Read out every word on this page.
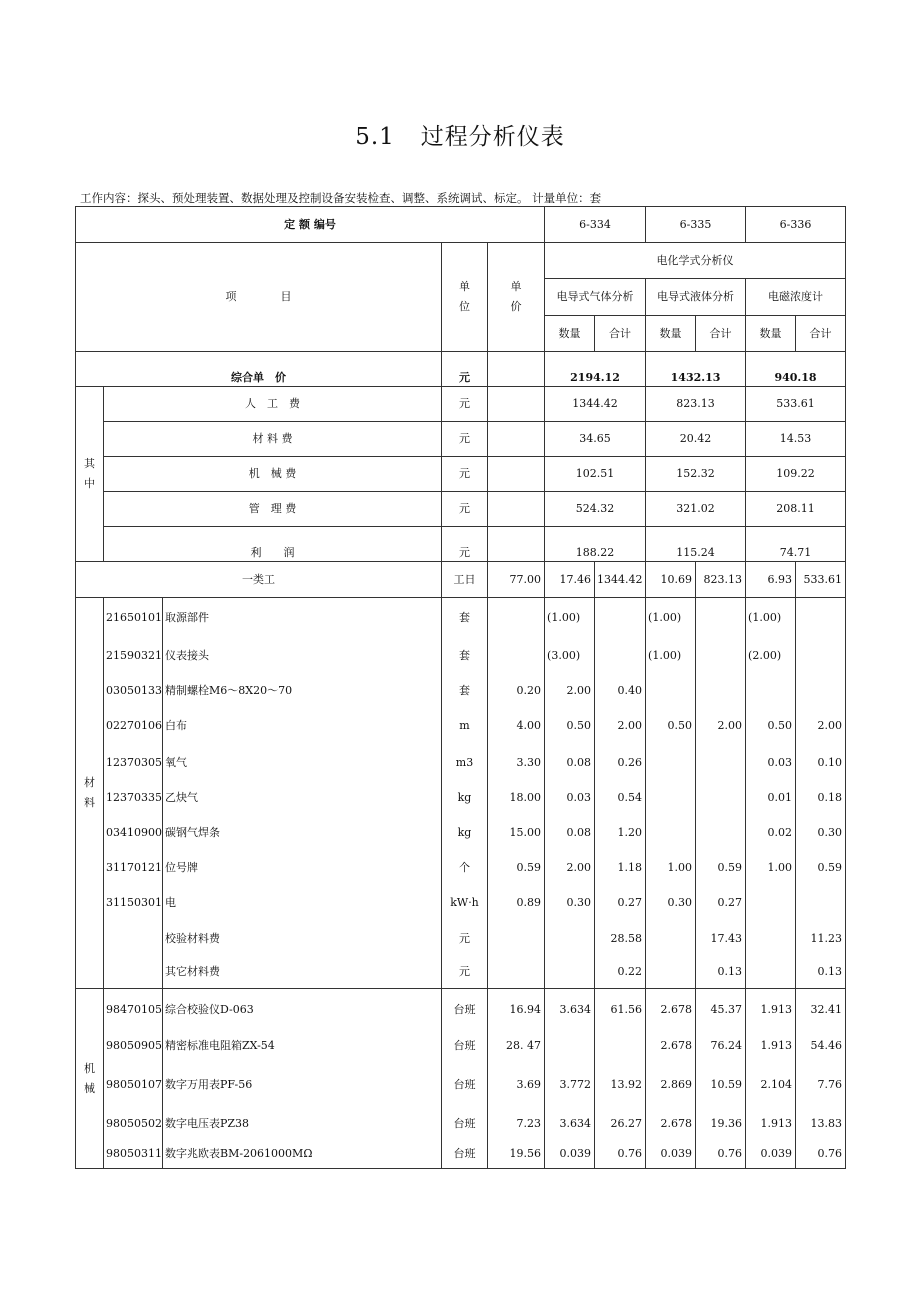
5.1 过程分析仪表
工作内容：探头、预处理装置、数据处理及控制设备安装检查、调整、系统调试、标定。 计量单位：套
定 额 编号					6-334		6-335		6-336	
项　　　　目			单位	单价	电化学式分析仪					
					电导式气体分析		电导式液体分析		电磁浓度计	
					数量	合计	数量	合计	数量	合计
综合单　价			元		2194.12		1432.13		940.18	
其中	人　工　费		元		1344.42		823.13		533.61	
	材 料 费		元		34.65		20.42		14.53	
	机　械 费		元		102.51		152.32		109.22	
	管　理 费		元		524.32		321.02		208.11	
	利　　润		元		188.22		115.24		74.71	
一类工			工日	77.00	17.46	1344.42	10.69	823.13	6.93	533.61
材料	21650101	取源部件	套		(1.00)		(1.00)		(1.00)	
	21590321	仪表接头	套		(3.00)		(1.00)		(2.00)	
	03050133	精制螺栓M6～8X20～70	套	0.20	2.00	0.40				
	02270106	白布	m	4.00	0.50	2.00	0.50	2.00	0.50	2.00
	12370305	氧气	m3	3.30	0.08	0.26			0.03	0.10
	12370335	乙炔气	kg	18.00	0.03	0.54			0.01	0.18
	03410900	碳钢气焊条	kg	15.00	0.08	1.20			0.02	0.30
	31170121	位号牌	个	0.59	2.00	1.18	1.00	0.59	1.00	0.59
	31150301	电	kW·h	0.89	0.30	0.27	0.30	0.27		
		校验材料费	元			28.58		17.43		11.23
		其它材料费	元			0.22		0.13		0.13
机械	98470105	综合校验仪D-063	台班	16.94	3.634	61.56	2.678	45.37	1.913	32.41
	98050905	精密标准电阻箱ZX-54	台班	28. 47			2.678	76.24	1.913	54.46
	98050107	数字万用表PF-56	台班	3.69	3.772	13.92	2.869	10.59	2.104	7.76
	98050502	数字电压表PZ38	台班	7.23	3.634	26.27	2.678	19.36	1.913	13.83
	98050311	数字兆欧表BM-2061000MΩ	台班	19.56	0.039	0.76	0.039	0.76	0.039	0.76
